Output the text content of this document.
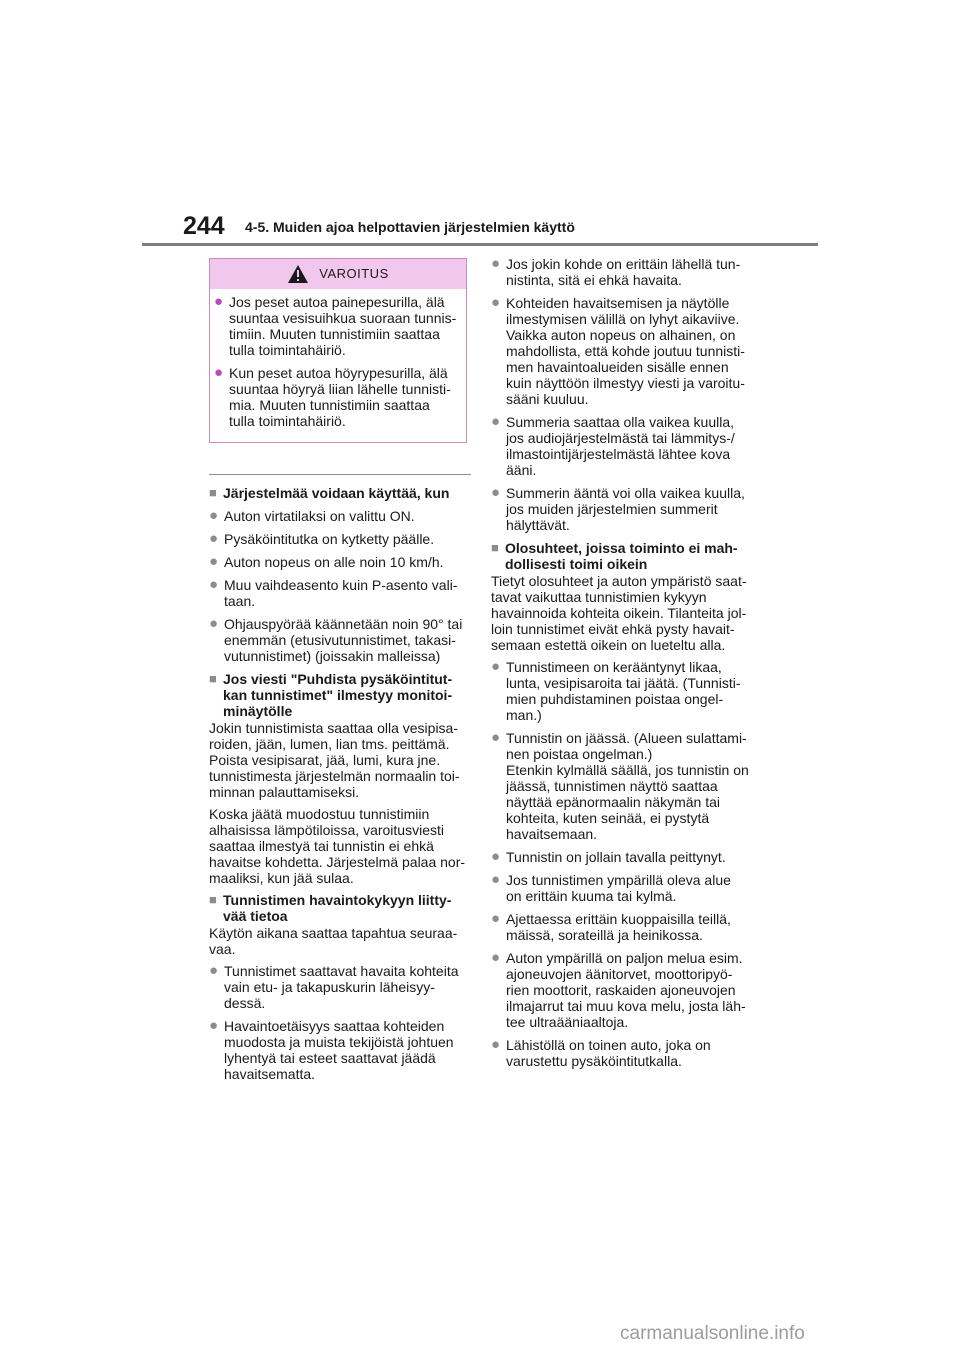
244 4-5. Muiden ajoa helpottavien järjestelmien käyttö
VAROITUS
● Jos peset autoa painepesurilla, älä
suuntaa vesisuihkua suoraan tunnis-
timiin. Muuten tunnistimiin saattaa
tulla toimintahäiriö.
● Kun peset autoa höyrypesurilla, älä
suuntaa höyryä liian lähelle tunnisti-
mia. Muuten tunnistimiin saattaa
tulla toimintahäiriö.
■ Järjestelmää voidaan käyttää, kun
● Auton virtatilaksi on valittu ON.
● Pysäköintitutka on kytketty päälle.
● Auton nopeus on alle noin 10 km/h.
● Muu vaihdeasento kuin P-asento vali-
taan.
● Ohjauspyörää käännetään noin 90° tai
enemmän (etusivutunnistimet, takasi-
vutunnistimet) (joissakin malleissa)
■ Jos viesti "Puhdista pysäköintitut-
kan tunnistimet" ilmestyy monitoi-
minäytölle
Jokin tunnistimista saattaa olla vesipisa-
roiden, jään, lumen, lian tms. peittämä.
Poista vesipisarat, jää, lumi, kura jne.
tunnistimesta järjestelmän normaalin toi-
minnan palauttamiseksi.
Koska jäätä muodostuu tunnistimiin
alhaisissa lämpötiloissa, varoitusviesti
saattaa ilmestyä tai tunnistin ei ehkä
havaitse kohdetta. Järjestelmä palaa nor-
maaliksi, kun jää sulaa.
■ Tunnistimen havaintokykyyn liitty-
vää tietoa
Käytön aikana saattaa tapahtua seuraa-
vaa.
● Tunnistimet saattavat havaita kohteita
vain etu- ja takapuskurin läheisyy-
dessä.
● Havaintoetäisyys saattaa kohteiden
muodosta ja muista tekijöistä johtuen
lyhentyä tai esteet saattavat jäädä
havaitsematta.
● Jos jokin kohde on erittäin lähellä tun-
nistinta, sitä ei ehkä havaita.
● Kohteiden havaitsemisen ja näytölle
ilmestymisen välillä on lyhyt aikaviive.
Vaikka auton nopeus on alhainen, on
mahdollista, että kohde joutuu tunnisti-
men havaintoalueiden sisälle ennen
kuin näyttöön ilmestyy viesti ja varoitu-
sääni kuuluu.
● Summeria saattaa olla vaikea kuulla,
jos audiojärjestelmästä tai lämmitys-/
ilmastointijärjestelmästä lähtee kova
ääni.
● Summerin ääntä voi olla vaikea kuulla,
jos muiden järjestelmien summerit
hälyttävät.
■ Olosuhteet, joissa toiminto ei mah-
dollisesti toimi oikein
Tietyt olosuhteet ja auton ympäristö saat-
tavat vaikuttaa tunnistimien kykyyn
havainnoida kohteita oikein. Tilanteita jol-
loin tunnistimet eivät ehkä pysty havait-
semaan estettä oikein on lueteltu alla.
● Tunnistimeen on kerääntynyt likaa,
lunta, vesipisaroita tai jäätä. (Tunnisti-
mien puhdistaminen poistaa ongel-
man.)
● Tunnistin on jäässä. (Alueen sulattami-
nen poistaa ongelman.)
Etenkin kylmällä säällä, jos tunnistin on
jäässä, tunnistimen näyttö saattaa
näyttää epänormaalin näkymän tai
kohteita, kuten seinää, ei pystytä
havaitsemaan.
● Tunnistin on jollain tavalla peittynyt.
● Jos tunnistimen ympärillä oleva alue
on erittäin kuuma tai kylmä.
● Ajettaessa erittäin kuoppaisilla teillä,
mäissä, sorateillä ja heinikossa.
● Auton ympärillä on paljon melua esim.
ajoneuvojen äänitorvet, moottoripyö-
rien moottorit, raskaiden ajoneuvojen
ilmajarrut tai muu kova melu, josta läh-
tee ultraääniaaltoja.
● Lähistöllä on toinen auto, joka on
varustettu pysäköintitutkalla.
carmanualsonline.info
